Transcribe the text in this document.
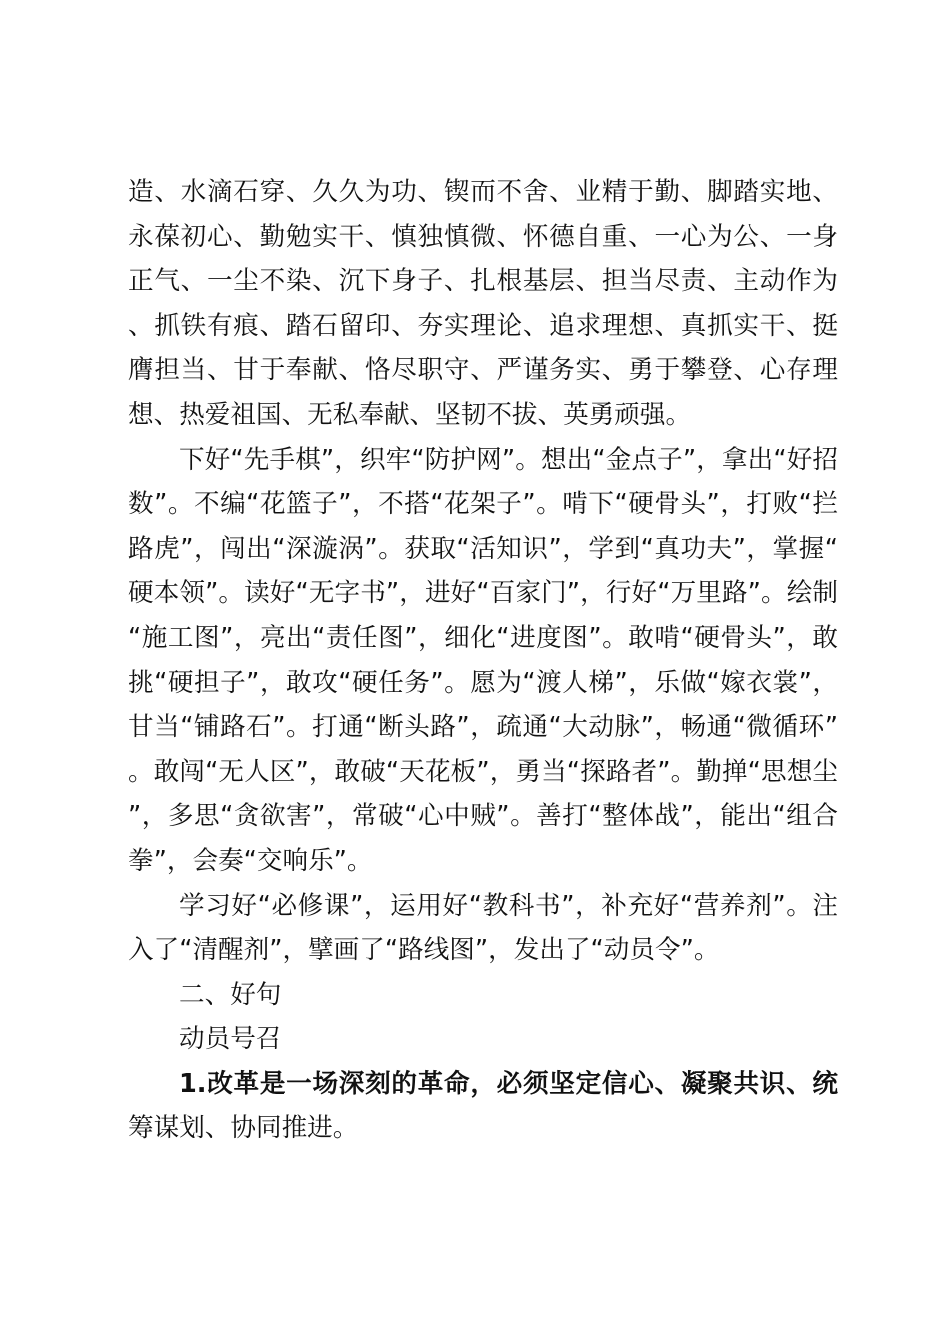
造、水滴石穿、久久为功、锲而不舍、业精于勤、脚踏实地、永葆初心、勤勉实干、慎独慎微、怀德自重、一心为公、一身正气、一尘不染、沉下身子、扎根基层、担当尽责、主动作为、抓铁有痕、踏石留印、夯实理论、追求理想、真抓实干、挺膺担当、甘于奉献、恪尽职守、严谨务实、勇于攀登、心存理想、热爱祖国、无私奉献、坚韧不拔、英勇顽强。

下好“先手棋”，织牢“防护网”。想出“金点子”，拿出“好招数”。不编“花篮子”，不搭“花架子”。啃下“硬骨头”，打败“拦路虎”，闯出“深漩涡”。获取“活知识”，学到“真功夫”，掌握“硬本领”。读好“无字书”，进好“百家门”，行好“万里路”。绘制“施工图”，亮出“责任图”，细化“进度图”。敢啃“硬骨头”，敢挑“硬担子”，敢攻“硬任务”。愿为“渡人梯”，乐做“嫁衣裳”，甘当“铺路石”。打通“断头路”，疏通“大动脉”，畅通“微循环”。敢闯“无人区”，敢破“天花板”，勇当“探路者”。勤掸“思想尘”，多思“贪欲害”，常破“心中贼”。善打“整体战”，能出“组合拳”，会奏“交响乐”。

学习好“必修课”，运用好“教科书”，补充好“营养剂”。注入了“清醒剂”，擘画了“路线图”，发出了“动员令”。

二、好句

动员号召

1.改革是一场深刻的革命，必须坚定信心、凝聚共识、统筹谋划、协同推进。
